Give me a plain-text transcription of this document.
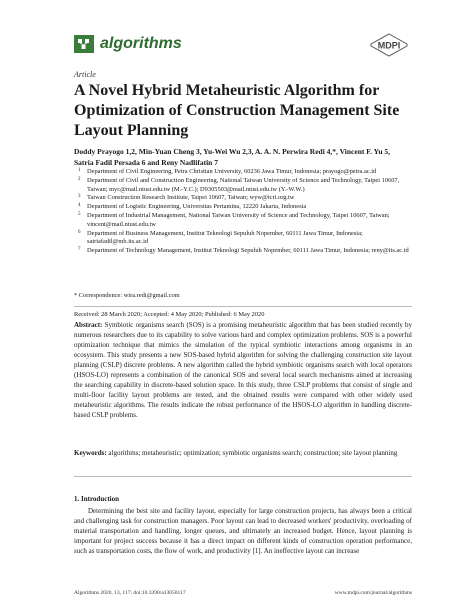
algorithms	MDPI
Article
A Novel Hybrid Metaheuristic Algorithm for Optimization of Construction Management Site Layout Planning
Doddy Prayogo 1,2, Min-Yuan Cheng 3, Yu-Wei Wu 2,3, A. A. N. Perwira Redi 4,*, Vincent F. Yu 5, Satria Fadil Persada 6 and Reny Nadlifatin 7
1 Department of Civil Engineering, Petra Christian University, 60236 Jawa Timur, Indonesia; prayogo@petra.ac.id
2 Department of Civil and Construction Engineering, National Taiwan University of Science and Technology, Taipei 10607, Taiwan; myc@mail.ntust.edu.tw (M.-Y.C.); D9305503@mail.ntust.edu.tw (Y.-W.W.)
3 Taiwan Construction Research Institute, Taipei 10607, Taiwan; wyw@tcri.org.tw
4 Department of Logistic Engineering, Universitas Pertamina, 12220 Jakarta, Indonesia
5 Department of Industrial Management, National Taiwan University of Science and Technology, Taipei 10607, Taiwan; vincent@mail.ntust.edu.tw
6 Department of Business Management, Institut Teknologi Sepuluh Nopember, 60111 Jawa Timur, Indonesia; satriafadil@mb.its.ac.id
7 Department of Technology Management, Institut Teknologi Sepuluh Nopember, 60111 Jawa Timur, Indonesia; reny@its.ac.id
* Correspondence: wira.redi@gmail.com
Received: 28 March 2020; Accepted: 4 May 2020; Published: 6 May 2020
Abstract: Symbiotic organisms search (SOS) is a promising metaheuristic algorithm that has been studied recently by numerous researchers due to its capability to solve various hard and complex optimization problems. SOS is a powerful optimization technique that mimics the simulation of the typical symbiotic interactions among organisms in an ecosystem. This study presents a new SOS-based hybrid algorithm for solving the challenging construction site layout planning (CSLP) discrete problems. A new algorithm called the hybrid symbiotic organisms search with local operators (HSOS-LO) represents a combination of the canonical SOS and several local search mechanisms aimed at increasing the searching capability in discrete-based solution space. In this study, three CSLP problems that consist of single and multi-floor facility layout problems are tested, and the obtained results were compared with other widely used metaheuristic algorithms. The results indicate the robust performance of the HSOS-LO algorithm in handling discrete-based CSLP problems.
Keywords: algorithms; metaheuristic; optimization; symbiotic organisms search; construction; site layout planning
1. Introduction
Determining the best site and facility layout, especially for large construction projects, has always been a critical and challenging task for construction managers. Poor layout can lead to decreased workers' productivity, overloading of material transportation and handling, longer queues, and ultimately an increased budget. Hence, layout planning is important for project success because it has a direct impact on different kinds of construction operation performance, such as transportation costs, the flow of work, and productivity [1]. An ineffective layout can increase
Algorithms 2020, 13, 117; doi:10.3390/a13050117	www.mdpi.com/journal/algorithms
